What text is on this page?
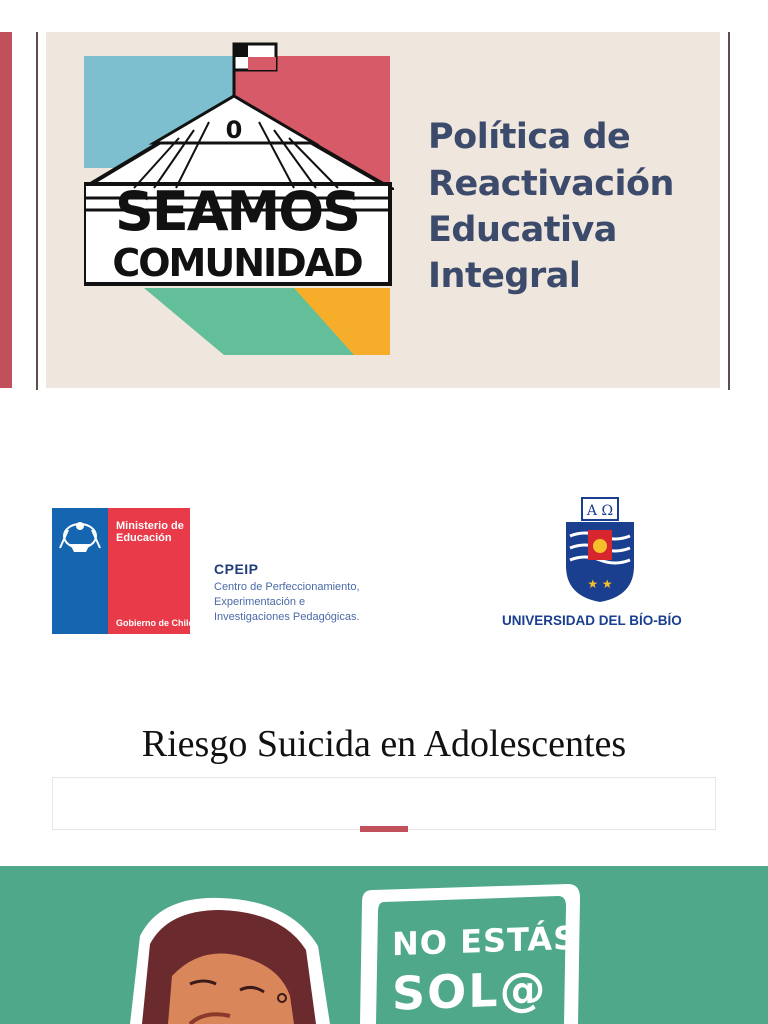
0
SEAMOS
COMUNIDAD

Política de

Reactivación

Educativa

Integral

Ministerio de
Educación
Gobierno de Chile
CPEIP
Centro de Perfeccionamiento,
Experimentación e
Investigaciones Pedagógicas.
A Ω
★ ★
UNIVERSIDAD DEL BÍO-BÍO
Riesgo Suicida en Adolescentes
NO ESTÁS
SOL@
